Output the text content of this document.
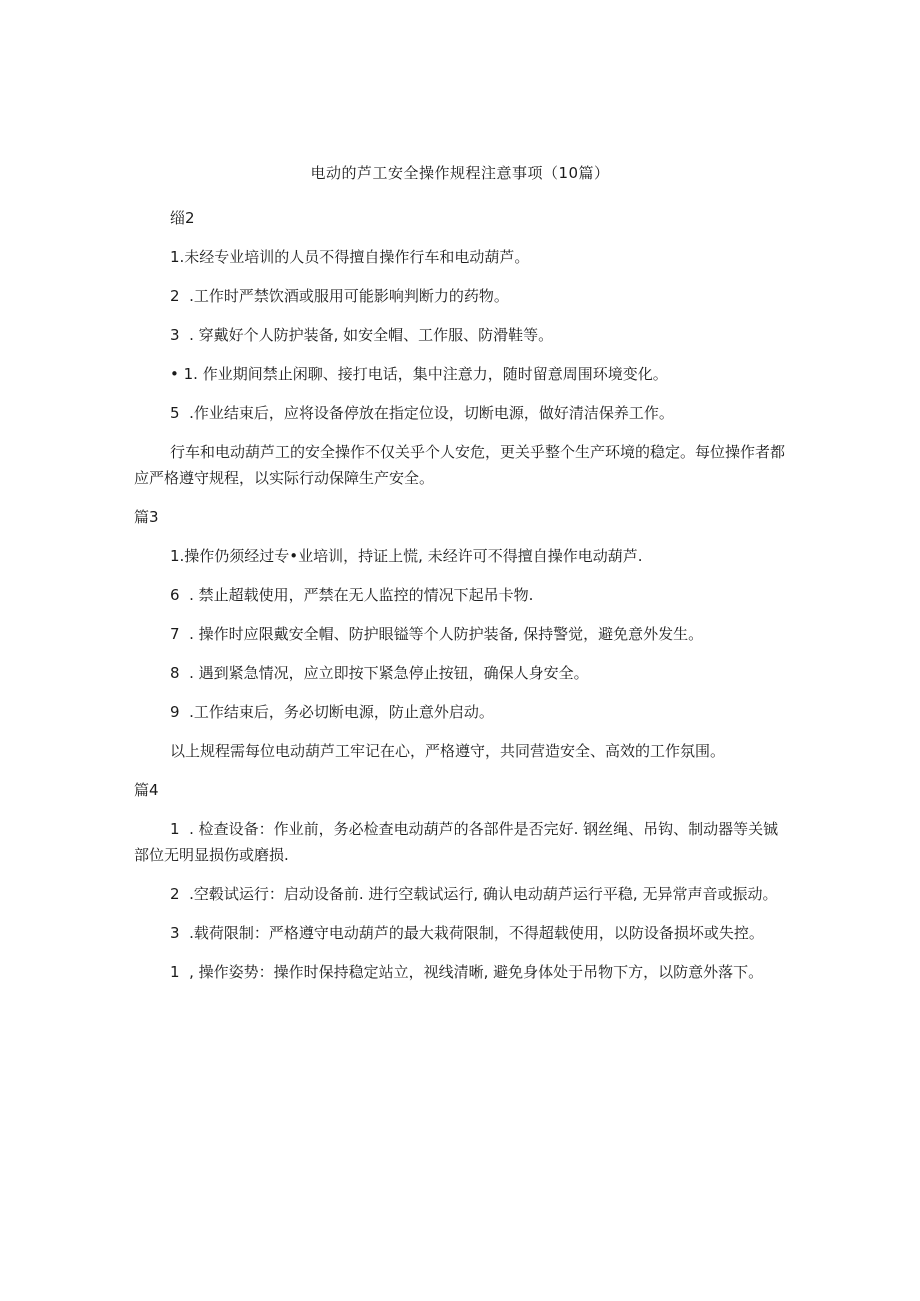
电动的芦工安全操作规程注意事项（10篇）

缁2

1.未经专业培训的人员不得擅自操作行车和电动葫芦。

2  .工作时严禁饮酒或服用可能影响判断力的药物。

3  . 穿戴好个人防护装备, 如安全帽、工作服、防滑鞋等。

• 1. 作业期间禁止闲聊、接打电话，集中注意力，随时留意周围环境变化。

5  .作业结束后，应将设备停放在指定位设，切断电源，做好清洁保养工作。

行车和电动葫芦工的安全操作不仅关乎个人安危，更关乎整个生产环境的稳定。每位操作者都应严格遵守规程，以实际行动保障生产安全。

篇3

1.操作仍须经过专•业培训，持证上慌, 未经许可不得擅自操作电动葫芦.

6  . 禁止超载使用，严禁在无人监控的情况下起吊卡物.

7  . 操作时应限戴安全帽、防护眼镒等个人防护装备, 保持警觉，避免意外发生。

8  . 遇到紧急情况，应立即按下紧急停止按钮，确保人身安全。

9  .工作结束后，务必切断电源，防止意外启动。

以上规程需每位电动葫芦工牢记在心，严格遵守，共同营造安全、高效的工作氛围。

篇4

1  . 检查设备：作业前，务必检查电动葫芦的各部件是否完好. 钢丝绳、吊钩、制动器等关铖部位无明显损伤或磨损.

2  .空毂试运行：启动设备前. 进行空载试运行, 确认电动葫芦运行平稳, 无异常声音或振动。

3  .载荷限制：严格遵守电动葫芦的最大栽荷限制，不得超载使用，以防设备损坏或失控。

1  , 操作姿势：操作时保持稳定站立，视线清晰, 避免身体处于吊物下方，以防意外落下。
